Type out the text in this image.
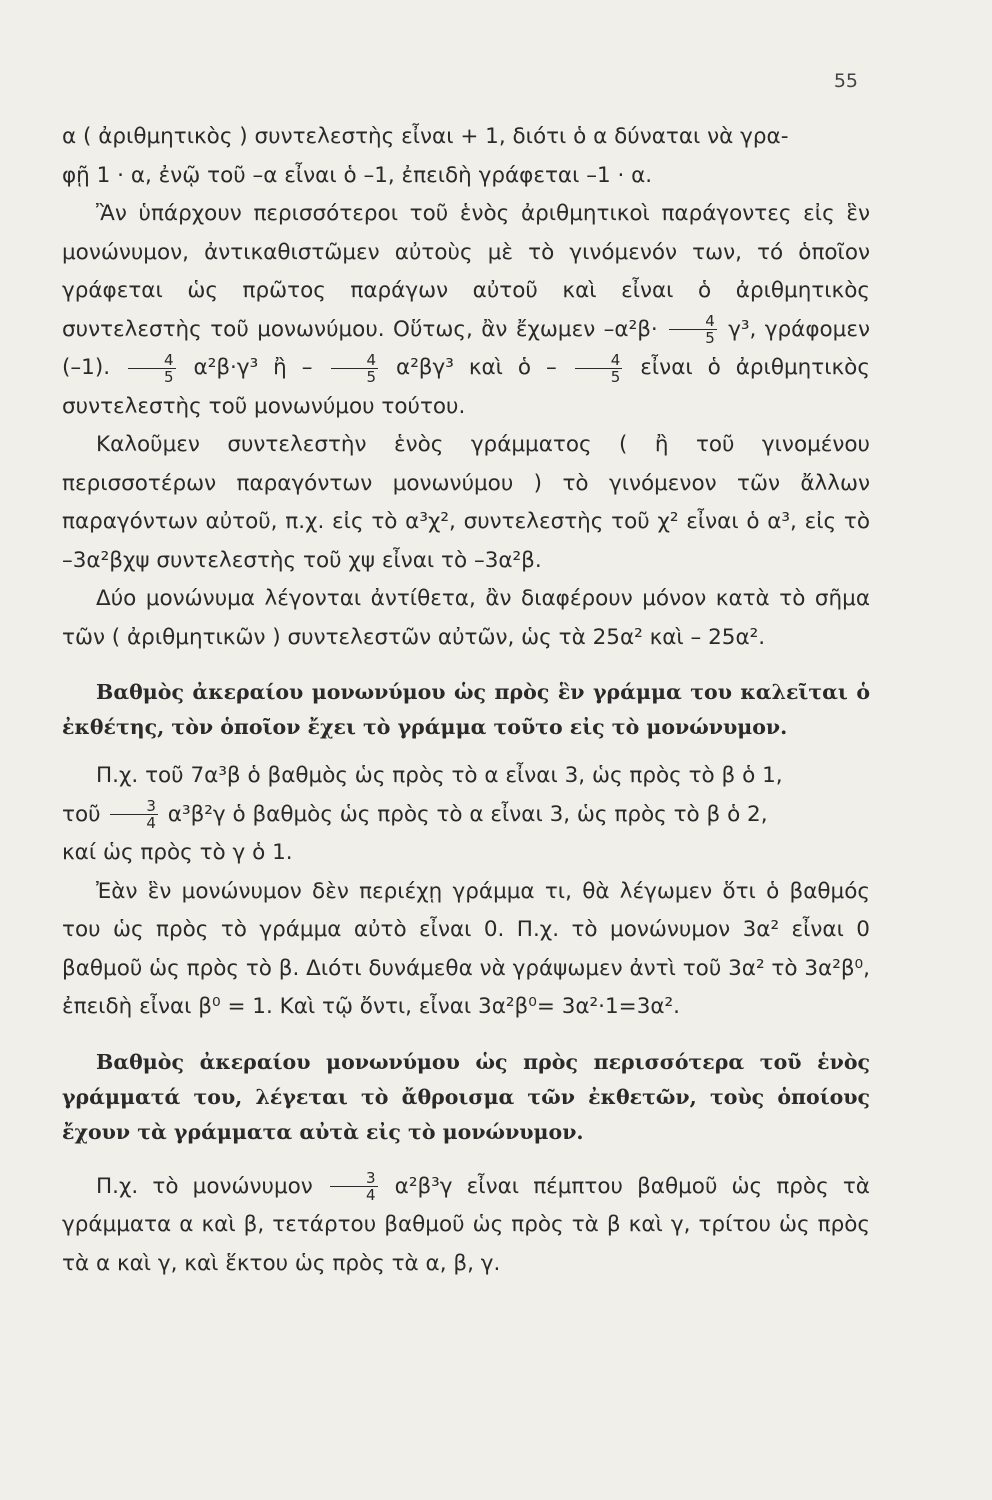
55

α ( ἀριθμητικὸς ) συντελεστὴς εἶναι + 1, διότι ὁ α δύναται νὰ γρα-
φῇ 1 · α, ἐνῷ τοῦ –α εἶναι ὁ –1, ἐπειδὴ γράφεται –1 · α.

Ἂν ὑπάρχουν περισσότεροι τοῦ ἑνὸς ἀριθμητικοὶ παράγοντες εἰς ἓν μονώνυμον, ἀντικαθιστῶμεν αὐτοὺς μὲ τὸ γινόμενόν των, τό ὁποῖον γράφεται ὡς πρῶτος παράγων αὐτοῦ καὶ εἶναι ὁ ἀριθμητικὸς συντελεστὴς τοῦ μονωνύμου. Οὕτως, ἂν ἔχωμεν $-\alpha^2\beta\cdot \frac{4}{5} \gamma^3$, γράφομεν (–1). $\frac{4}{5} \alpha^2\beta\cdot\gamma^3$ ἢ – $\frac{4}{5} \alpha^2\beta\gamma^3$ καὶ ὁ – $\frac{4}{5}$ εἶναι ὁ ἀριθμητικὸς συντελεστὴς τοῦ μονωνύμου τούτου.

Καλοῦμεν συντελεστὴν ἑνὸς γράμματος ( ἢ τοῦ γινομένου περισσοτέρων παραγόντων μονωνύμου ) τὸ γινόμενον τῶν ἄλλων παραγόντων αὐτοῦ, π.χ. εἰς τὸ α³χ², συντελεστὴς τοῦ χ² εἶναι ὁ α³, εἰς τὸ –3α²βχψ συντελεστὴς τοῦ χψ εἶναι τὸ –3α²β.

Δύο μονώνυμα λέγονται ἀντίθετα, ἂν διαφέρουν μόνον κατὰ τὸ σῆμα τῶν ( ἀριθμητικῶν ) συντελεστῶν αὐτῶν, ὡς τὰ 25α² καὶ – 25α².

Βαθμὸς ἀκεραίου μονωνύμου ὡς πρὸς ἓν γράμμα του καλεῖται ὁ ἐκθέτης, τὸν ὁποῖον ἔχει τὸ γράμμα τοῦτο εἰς τὸ μονώνυμον.

Π.χ. τοῦ 7α³β ὁ βαθμὸς ὡς πρὸς τὸ α εἶναι 3, ὡς πρὸς τὸ β ὁ 1,
τοῦ $\frac{3}{4} \alpha^3\beta^2\gamma$ ὁ βαθμὸς ὡς πρὸς τὸ α εἶναι 3, ὡς πρὸς τὸ β ὁ 2,
καί ὡς πρὸς τὸ γ ὁ 1.

Ἐὰν ἓν μονώνυμον δὲν περιέχῃ γράμμα τι, θὰ λέγωμεν ὅτι ὁ βαθμός του ὡς πρὸς τὸ γράμμα αὐτὸ εἶναι 0. Π.χ. τὸ μονώνυμον 3α² εἶναι 0 βαθμοῦ ὡς πρὸς τὸ β. Διότι δυνάμεθα νὰ γράψωμεν ἀντὶ τοῦ 3α² τὸ 3α²β⁰, ἐπειδὴ εἶναι β⁰ = 1. Καὶ τῷ ὄντι, εἶναι 3α²β⁰= 3α²·1=3α².

Βαθμὸς ἀκεραίου μονωνύμου ὡς πρὸς περισσότερα τοῦ ἑνὸς γράμματά του, λέγεται τὸ ἄθροισμα τῶν ἐκθετῶν, τοὺς ὁποίους ἔχουν τὰ γράμματα αὐτὰ εἰς τὸ μονώνυμον.

Π.χ. τὸ μονώνυμον $\frac{3}{4} \alpha^2\beta^3\gamma$ εἶναι πέμπτου βαθμοῦ ὡς πρὸς τὰ γράμματα α καὶ β, τετάρτου βαθμοῦ ὡς πρὸς τὰ β καὶ γ, τρίτου ὡς πρὸς τὰ α καὶ γ, καὶ ἕκτου ὡς πρὸς τὰ α, β, γ.
